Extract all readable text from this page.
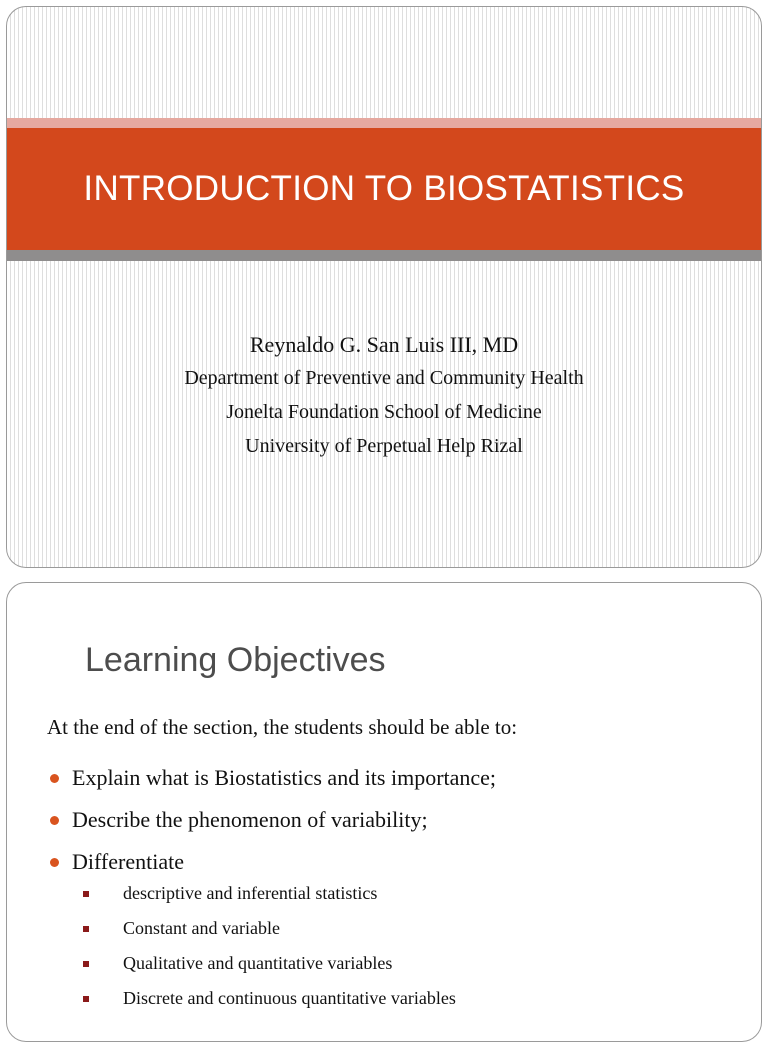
INTRODUCTION TO BIOSTATISTICS
Reynaldo G. San Luis III, MD
Department of Preventive and Community Health
Jonelta Foundation School of Medicine
University of Perpetual Help Rizal
Learning Objectives
At the end of the section, the students should be able to:
Explain what is Biostatistics and its importance;
Describe the phenomenon of variability;
Differentiate
descriptive and inferential statistics
Constant and variable
Qualitative and quantitative variables
Discrete and continuous quantitative variables
